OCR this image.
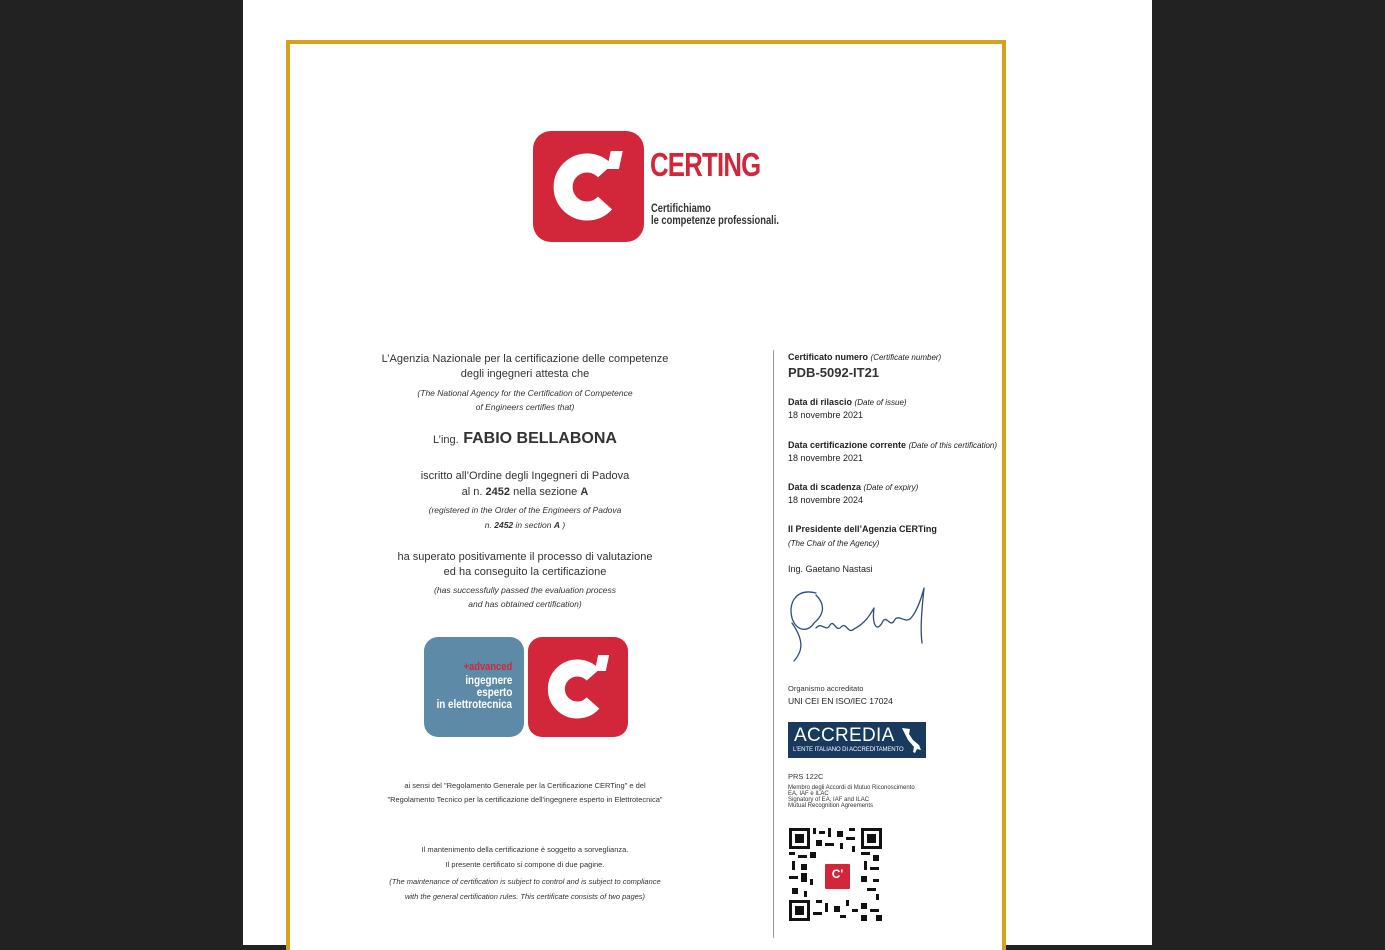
CERTING
Certifichiamo
le competenze professionali.
L’Agenzia Nazionale per la certificazione delle competenze
degli ingegneri attesta che
(The National Agency for the Certification of Competence
of Engineers certifies that)
L’ing. FABIO BELLABONA
iscritto all’Ordine degli Ingegneri di Padova
al n. 2452 nella sezione A
(registered in the Order of the Engineers of Padova
n. 2452 in section A )
ha superato positivamente il processo di valutazione
ed ha conseguito la certificazione
(has successfully passed the evaluation process
and has obtained certification)
+advanced
ingegnere
esperto
in elettrotecnica
ai sensi del "Regolamento Generale per la Certificazione CERTing" e del
"Regolamento Tecnico per la certificazione dell'ingegnere esperto in Elettrotecnica"
Il mantenimento della certificazione è soggetto a sorveglianza.
Il presente certificato si compone di due pagine.
(The maintenance of certification is subject to control and is subject to compliance
with the general certification rules. This certificate consists of two pages)
Certificato numero (Certificate number)
PDB-5092-IT21
Data di rilascio (Date of issue)
18 novembre 2021
Data certificazione corrente (Date of this certification)
18 novembre 2021
Data di scadenza (Date of expiry)
18 novembre 2024
Il Presidente dell’Agenzia CERTing
(The Chair of the Agency)
Ing. Gaetano Nastasi
Organismo accreditato
UNI CEI EN ISO/IEC 17024
ACCREDIA
L'ENTE ITALIANO DI ACCREDITAMENTO
PRS 122C
Membro degli Accordi di Mutuo Riconoscimento
EA, IAF e ILAC
Signatory of EA, IAF and ILAC
Mutual Recognition Agreements
C'
